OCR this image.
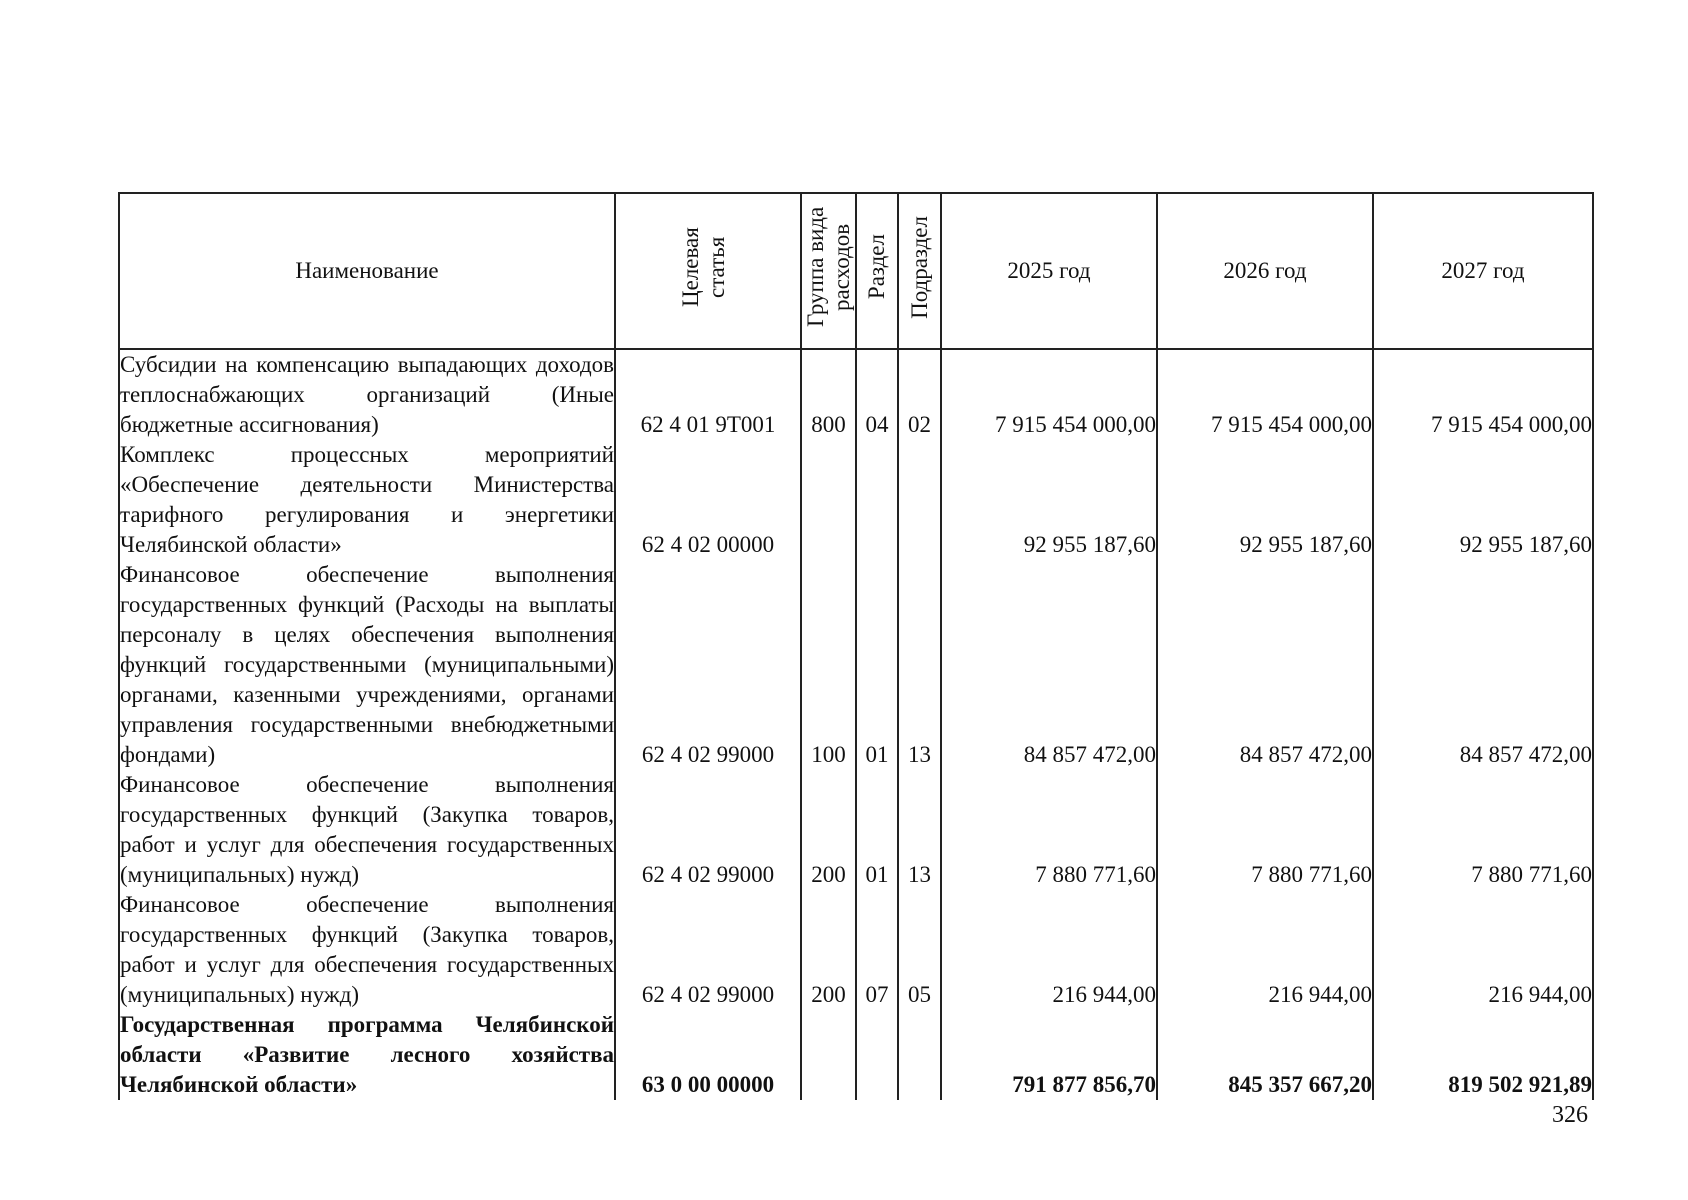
Наименование	Целевая статья	Группа вида расходов	Раздел	Подраздел	2025 год	2026 год	2027 год
Субсидии на компенсацию выпадающих доходов теплоснабжающих организаций (Иные бюджетные ассигнования)	62 4 01 9Т001	800	04	02	7 915 454 000,00	7 915 454 000,00	7 915 454 000,00
Комплекс процессных мероприятий «Обеспечение деятельности Министерства тарифного регулирования и энергетики Челябинской области»	62 4 02 00000				92 955 187,60	92 955 187,60	92 955 187,60
Финансовое обеспечение выполнения государственных функций (Расходы на выплаты персоналу в целях обеспечения выполнения функций государственными (муниципальными) органами, казенными учреждениями, органами управления государственными внебюджетными фондами)	62 4 02 99000	100	01	13	84 857 472,00	84 857 472,00	84 857 472,00
Финансовое обеспечение выполнения государственных функций (Закупка товаров, работ и услуг для обеспечения государственных (муниципальных) нужд)	62 4 02 99000	200	01	13	7 880 771,60	7 880 771,60	7 880 771,60
Финансовое обеспечение выполнения государственных функций (Закупка товаров, работ и услуг для обеспечения государственных (муниципальных) нужд)	62 4 02 99000	200	07	05	216 944,00	216 944,00	216 944,00
Государственная программа Челябинской области «Развитие лесного хозяйства Челябинской области»	63 0 00 00000				791 877 856,70	845 357 667,20	819 502 921,89
326
